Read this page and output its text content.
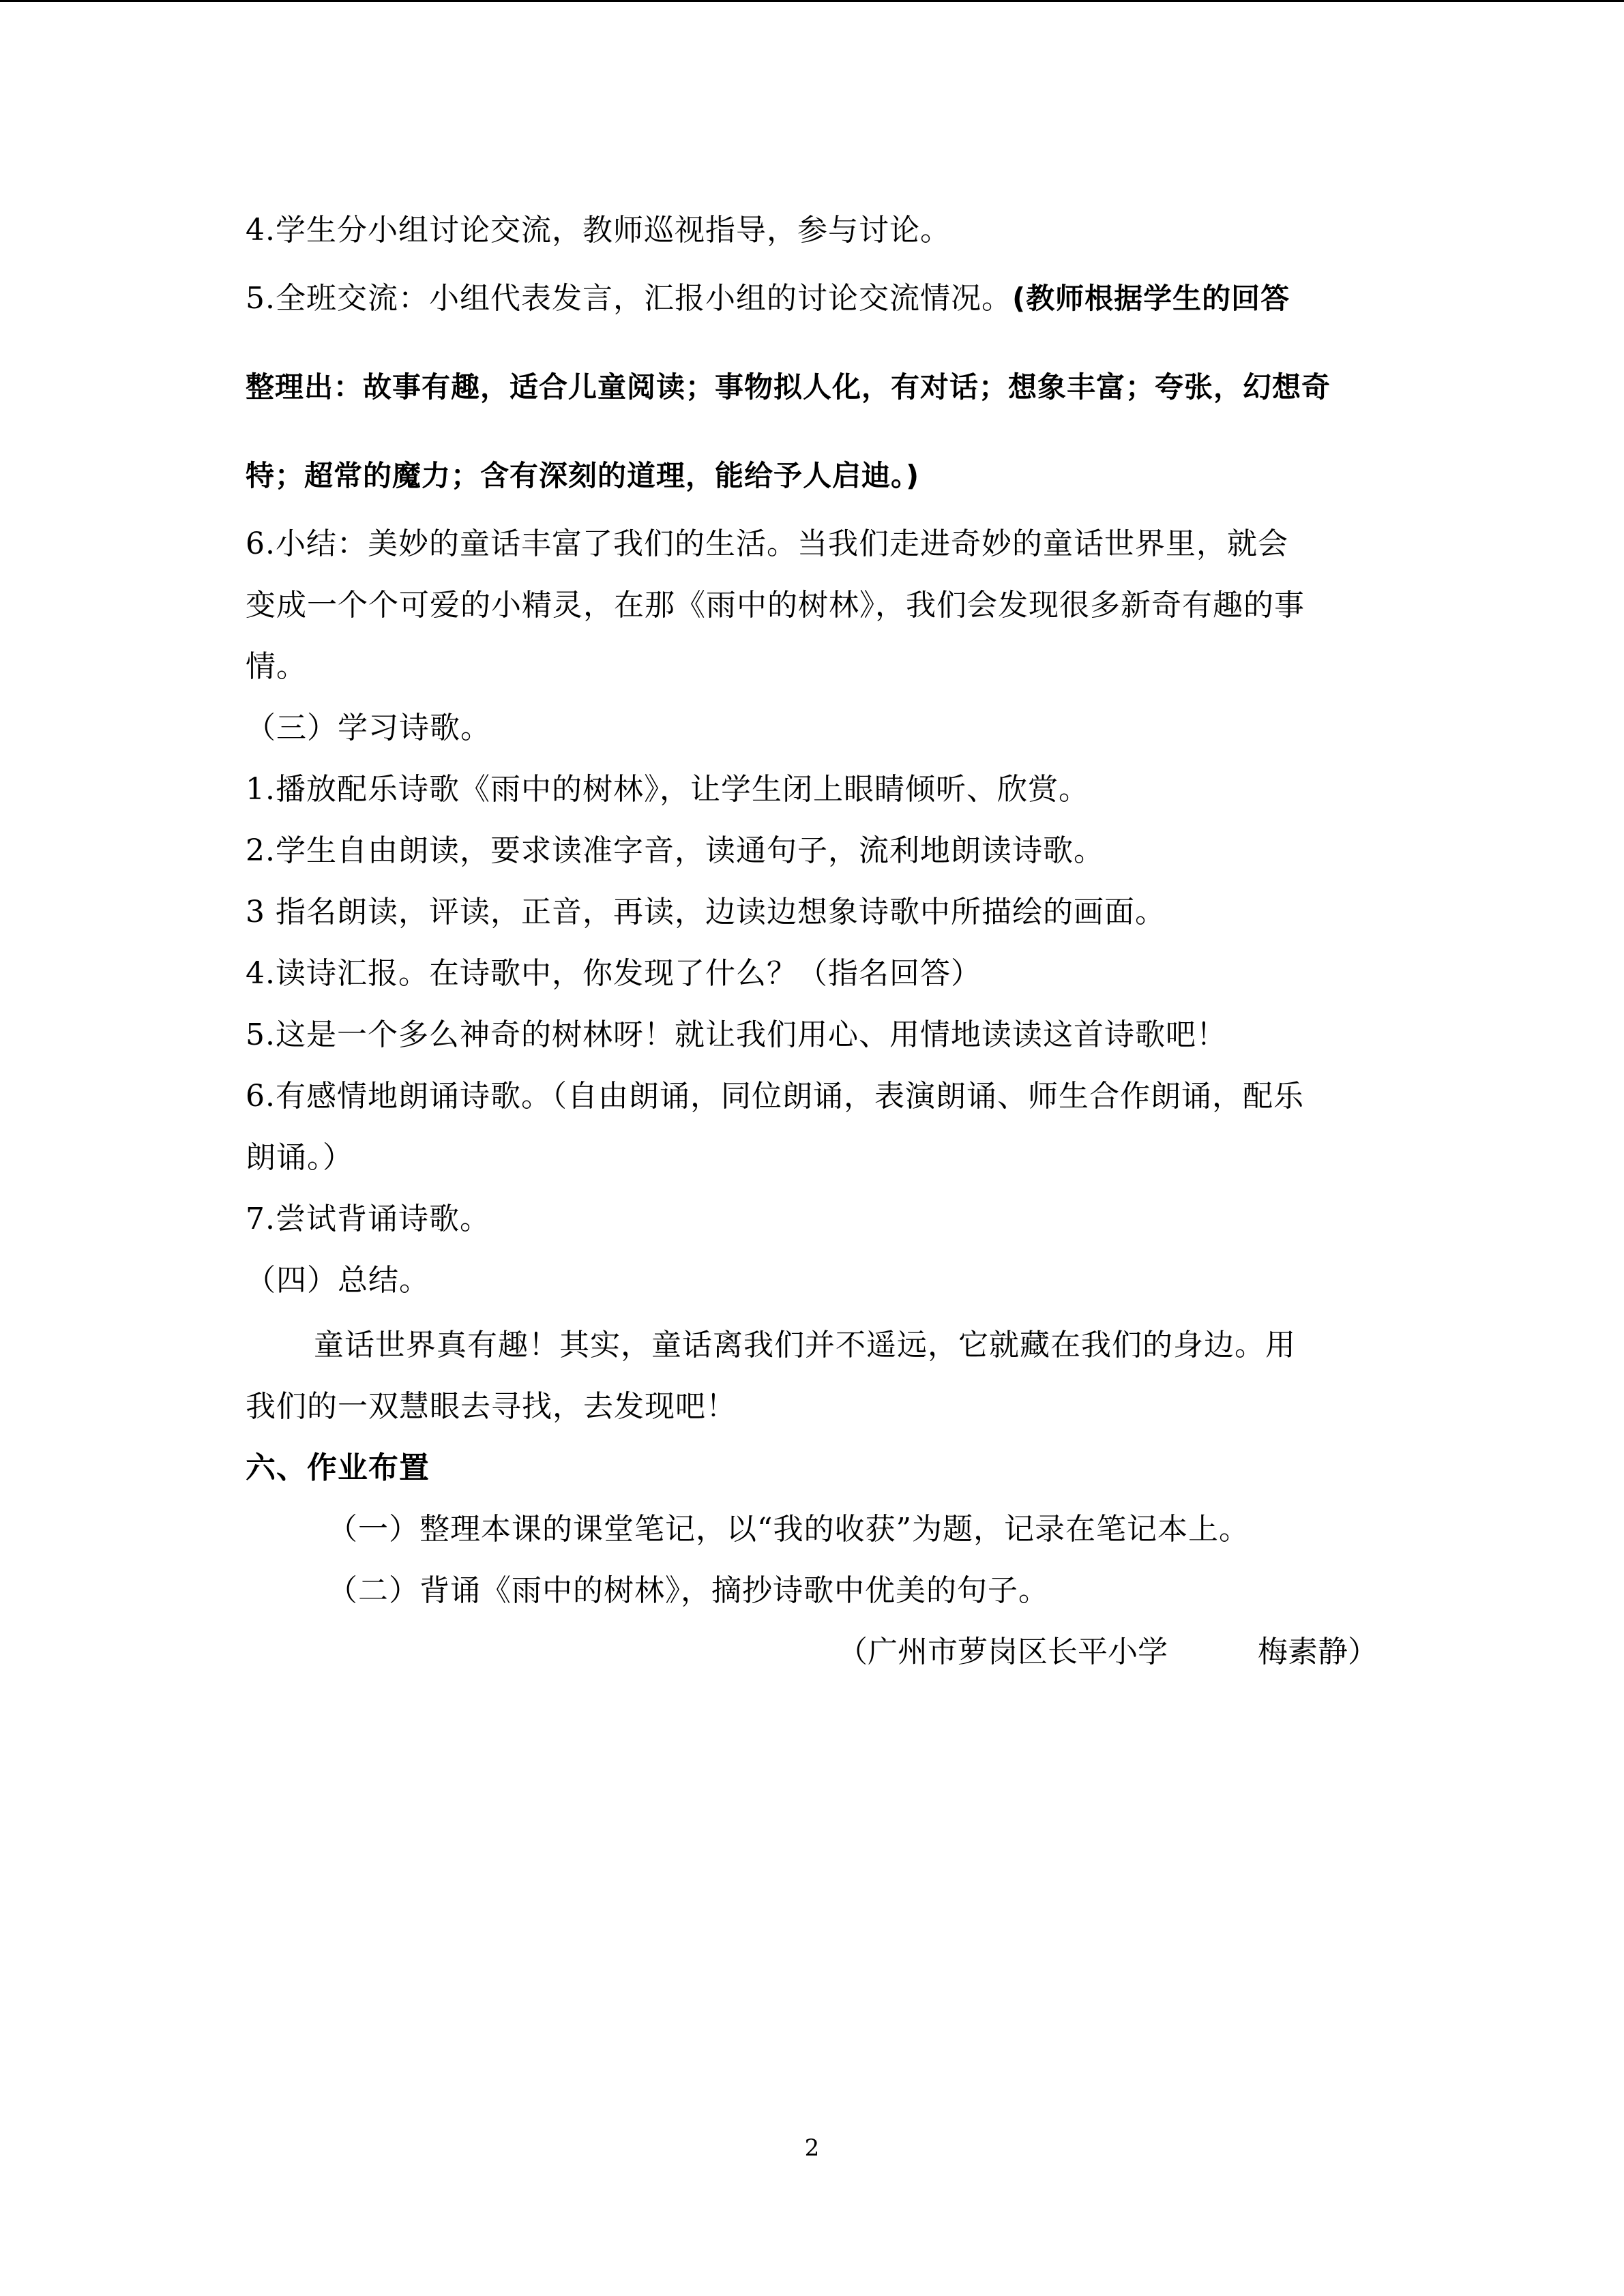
4.学生分小组讨论交流，教师巡视指导，参与讨论。
5.全班交流：小组代表发言，汇报小组的讨论交流情况。(教师根据学生的回答
整理出：故事有趣，适合儿童阅读；事物拟人化，有对话；想象丰富；夸张，幻想奇
特；超常的魔力；含有深刻的道理，能给予人启迪。)
6.小结：美妙的童话丰富了我们的生活。当我们走进奇妙的童话世界里，就会
变成一个个可爱的小精灵，在那《雨中的树林》，我们会发现很多新奇有趣的事
情。
（三）学习诗歌。
1.播放配乐诗歌《雨中的树林》，让学生闭上眼睛倾听、欣赏。
2.学生自由朗读，要求读准字音，读通句子，流利地朗读诗歌。
3 指名朗读，评读，正音，再读，边读边想象诗歌中所描绘的画面。
4.读诗汇报。在诗歌中，你发现了什么？（指名回答）
5.这是一个多么神奇的树林呀！就让我们用心、用情地读读这首诗歌吧！
6.有感情地朗诵诗歌。（自由朗诵，同位朗诵，表演朗诵、师生合作朗诵，配乐
朗诵。）
7.尝试背诵诗歌。
（四）总结。
童话世界真有趣！其实，童话离我们并不遥远，它就藏在我们的身边。用
我们的一双慧眼去寻找，去发现吧！
六、作业布置
（一）整理本课的课堂笔记，以“我的收获”为题，记录在笔记本上。
（二）背诵《雨中的树林》，摘抄诗歌中优美的句子。
（广州市萝岗区长平小学　　　梅素静）
2
